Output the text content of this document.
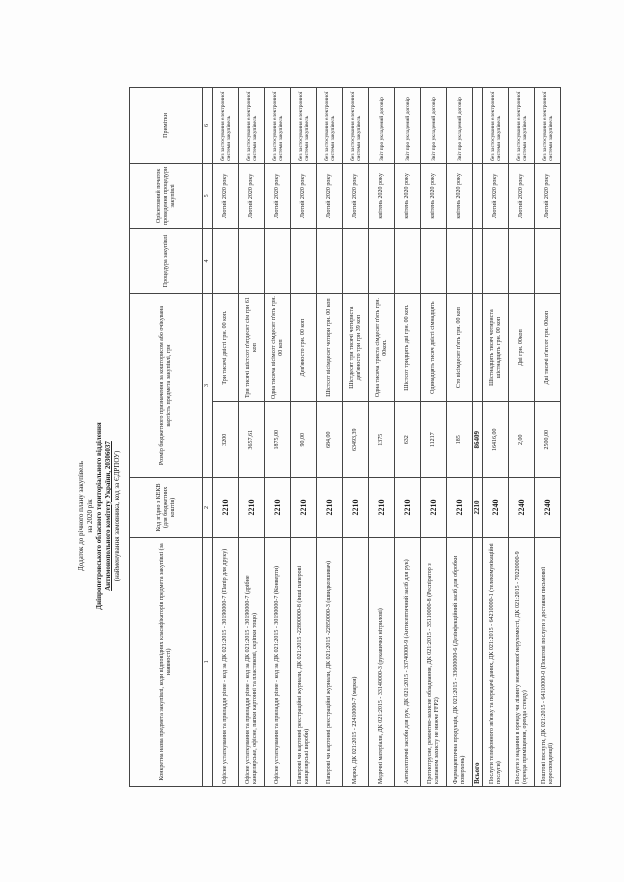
Додаток до річного плану закупівель на 2020 рік Дніпропетровського обласного територіального відділення Антимонопольного комітету України, 20306037 (найменування замовника, код за ЄДРПОУ)
Конкретна назва предмета закупівлі, коди відповідних класифікаторів предмета закупівлі (за наявності)	Код згідно з КЕКВ (для бюджетних коштів)	Розмір бюджетного призначення за кошторисом або очікувана вартість предмета закупівлі, грн		Процедура закупівлі	Орієнтовний початок проведення процедури закупівлі	Примітки
1	2	3		4	5	6
Офісне устаткування та приладдя різне - код за ДК 021:2015 - 30190000-7 (Папір для друку)	2210	3200	Три тисячі двісті грн. 00 коп.		Лютий 2020 року	без застосування електронної системи закупівель
Офісне устаткування та приладдя різне - код за ДК 021:2015 - 30190000-7 (дрібне канцелярське, офісне, папки картонні та пластикові, скріпки тощо)	2210	3657,61	Три тисячі шістсот п'ятдесят сім грн 61 коп		Лютий 2020 року	без застосування електронної системи закупівель
Офісне устаткування та приладдя різне - код за ДК 021:2015 - 30190000-7 (Конверти)	2210	1875,00	Одна тисяча вісімсот сімдесят п'ять грн. 00 коп		Лютий 2020 року	без застосування електронної системи закупівель
Паперові чи картонні реєстраційні журнали, ДК 021:2015 -22800000-8 (інші паперові канцелярські вироби)	2210	90,00	Дев'яносто грн. 00 коп		Лютий 2020 року	без застосування електронної системи закупівель
Паперові чи картонні реєстраційні журнали, ДК 021:2015 -22850000-3 (швидкозшивач)	2210	684,00	Шістсот вісімдесят чотири грн. 00 коп		Лютий 2020 року	без застосування електронної системи закупівель
Марки, ДК 021:2015 - 22410000-7 (марки)	2210	63493,39	Шістдесят три тисячі чотириста дев'яносто три грн 39 коп		Лютий 2020 року	без застосування електронної системи закупівель
Медичні матеріали, ДК 021:2015 - 33140000-3 (рукавички нітрилові)	2210	1375	Одна тисяча триста сімдесят п'ять грн. 00коп.		квітень 2020 року	Звіт про укладений договір
Антисептичні засоби для рук, ДК 021:2015 - 33740000-9 (Антисептичний засіб для рук)	2210	632	Шістсот тридцять дві грн. 00 коп.		квітень 2020 року	Звіт про укладений договір
Протиотрусне, ремонтно-захисне обладнання, ДК 021:2015 - 35110000-8 (Респіратор з клапаном захисту не нижче FFP2)	2210	11217	Одинадцять тисяч двісті сімнадцять		квітень 2020 року	Звіт про укладений договір
Фармацевтична продукція, ДК 021:2015 - 33600000-6 (Дезінфекційний засіб для обробки поверхонь)	2210	185	Сто вісімдесят п'ять грн. 00 коп		квітень 2020 року	Звіт про укладений договір
Всього	2210	86409				
Послуги телефонного зв'язку та передачі даних, ДК 021:2015 - 64210000-1 (телекомунікаційні послуги)	2240	16416,00	Шістнадцять тисяч чотириста шістнадцять грн. 00 коп		Лютий 2020 року	без застосування електронної системи закупівель
Послуги з надання в оренду чи лізингу нежитлової нерухомості, ДК 021:2015 - 70220000-9 (оренда приміщення, оренда стенду)	2240	2,00	Дві грн. 00коп		Лютий 2020 року	без застосування електронної системи закупівель
Поштові послуги, ДК 021:2015 - 64110000-0 (Поштові послуги з доставки письмової кореспонденції)	2240	2500,00	Дві тисячі п'ятсот грн. 00коп		Лютий 2020 року	без застосування електронної системи закупівель
